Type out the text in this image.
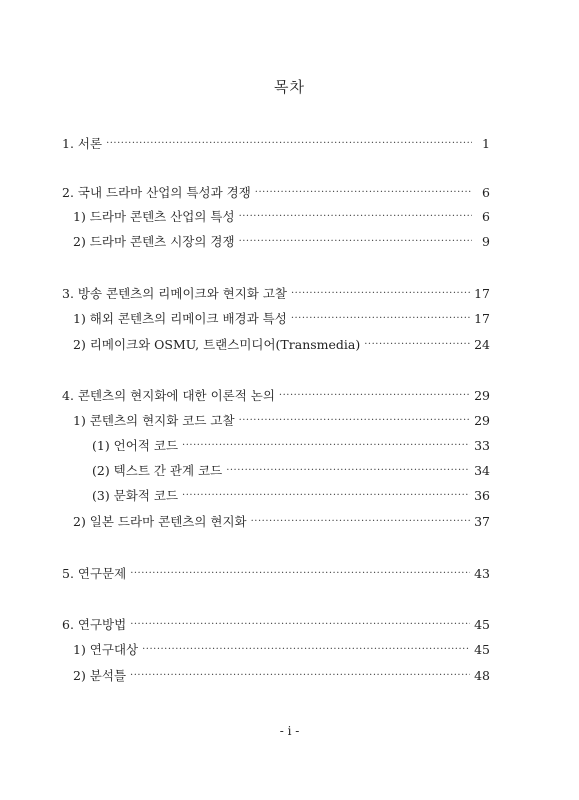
목차
1. 서론 ·····	1
2. 국내 드라마 산업의 특성과 경쟁 ·····	6
1) 드라마 콘텐츠 산업의 특성 ·····	6
2) 드라마 콘텐츠 시장의 경쟁 ·····	9
3. 방송 콘텐츠의 리메이크와 현지화 고찰 ·····	17
1) 해외 콘텐츠의 리메이크 배경과 특성 ·····	17
2) 리메이크와 OSMU, 트랜스미디어(Transmedia) ·····	24
4. 콘텐츠의 현지화에 대한 이론적 논의 ·····	29
1) 콘텐츠의 현지화 코드 고찰 ·····	29
(1) 언어적 코드 ·····	33
(2) 텍스트 간 관계 코드 ·····	34
(3) 문화적 코드 ·····	36
2) 일본 드라마 콘텐츠의 현지화 ·····	37
5. 연구문제 ·····	43
6. 연구방법 ·····	45
1) 연구대상 ·····	45
2) 분석틀 ·····	48
- i -
